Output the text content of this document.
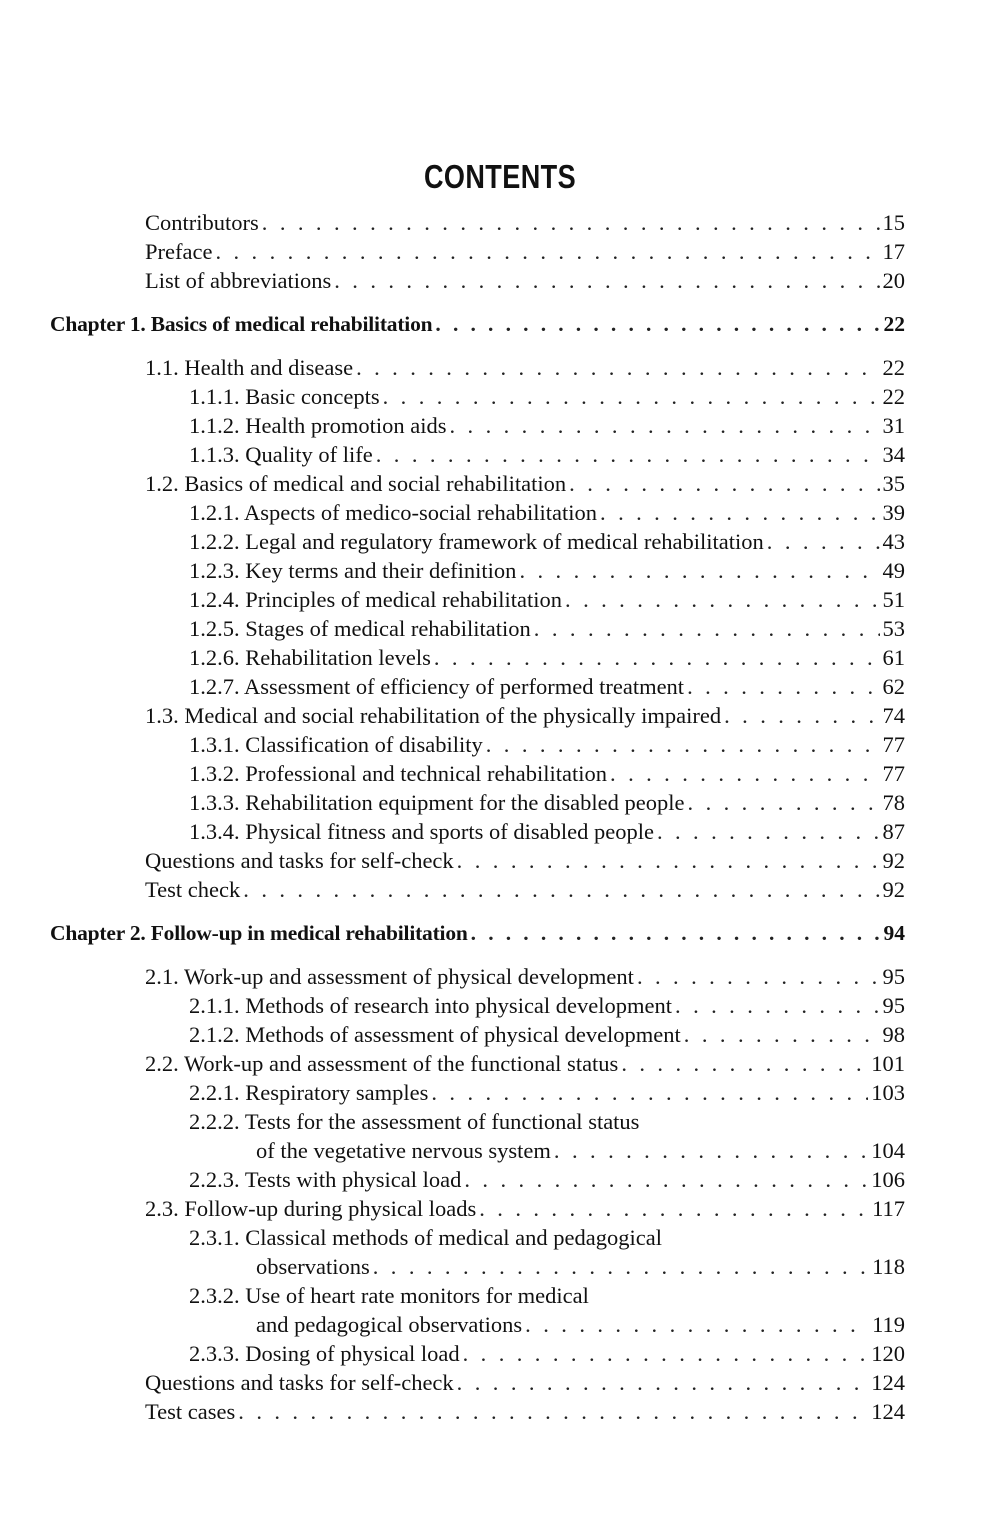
CONTENTS
Contributors . . .	15
Preface . . .	17
List of abbreviations . . .	20
Chapter 1. Basics of medical rehabilitation . . .	22
1.1. Health and disease . . .	22
1.1.1. Basic concepts . . .	22
1.1.2. Health promotion aids . . .	31
1.1.3. Quality of life . . .	34
1.2. Basics of medical and social rehabilitation . . .	35
1.2.1. Aspects of medico-social rehabilitation . . .	39
1.2.2. Legal and regulatory framework of medical rehabilitation . . .	43
1.2.3. Key terms and their definition . . .	49
1.2.4. Principles of medical rehabilitation . . .	51
1.2.5. Stages of medical rehabilitation . . .	53
1.2.6. Rehabilitation levels . . .	61
1.2.7. Assessment of efficiency of performed treatment . . .	62
1.3. Medical and social rehabilitation of the physically impaired . . .	74
1.3.1. Classification of disability . . .	77
1.3.2. Professional and technical rehabilitation . . .	77
1.3.3. Rehabilitation equipment for the disabled people . . .	78
1.3.4. Physical fitness and sports of disabled people . . .	87
Questions and tasks for self-check . . .	92
Test check . . .	92
Chapter 2. Follow-up in medical rehabilitation . . .	94
2.1. Work-up and assessment of physical development . . .	95
2.1.1. Methods of research into physical development . . .	95
2.1.2. Methods of assessment of physical development . . .	98
2.2. Work-up and assessment of the functional status . . .	101
2.2.1. Respiratory samples . . .	103
2.2.2. Tests for the assessment of functional status
of the vegetative nervous system . . .	104
2.2.3. Tests with physical load . . .	106
2.3. Follow-up during physical loads . . .	117
2.3.1. Classical methods of medical and pedagogical
observations . . .	118
2.3.2. Use of heart rate monitors for medical
and pedagogical observations . . .	119
2.3.3. Dosing of physical load . . .	120
Questions and tasks for self-check . . .	124
Test cases . . .	124
